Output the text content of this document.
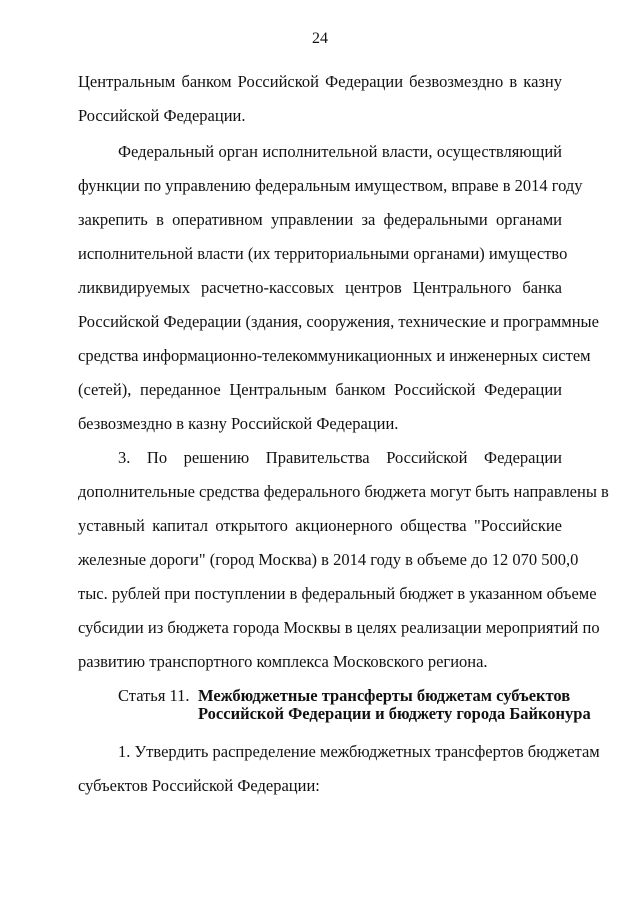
24
Центральным банком Российской Федерации безвозмездно в казну
Российской Федерации.
Федеральный орган исполнительной власти, осуществляющий
функции по управлению федеральным имуществом, вправе в 2014 году
закрепить в оперативном управлении за федеральными органами
исполнительной власти (их территориальными органами) имущество
ликвидируемых расчетно-кассовых центров Центрального банка
Российской Федерации (здания, сооружения, технические и программные
средства информационно-телекоммуникационных и инженерных систем
(сетей), переданное Центральным банком Российской Федерации
безвозмездно в казну Российской Федерации.
3. По решению Правительства Российской Федерации
дополнительные средства федерального бюджета могут быть направлены в
уставный капитал открытого акционерного общества "Российские
железные дороги" (город Москва) в 2014 году в объеме до 12 070 500,0
тыс. рублей при поступлении в федеральный бюджет в указанном объеме
субсидии из бюджета города Москвы в целях реализации мероприятий по
развитию транспортного комплекса Московского региона.
Статья 11. Межбюджетные трансферты бюджетам субъектов
Российской Федерации и бюджету города Байконура
1. Утвердить распределение межбюджетных трансфертов бюджетам
субъектов Российской Федерации:
